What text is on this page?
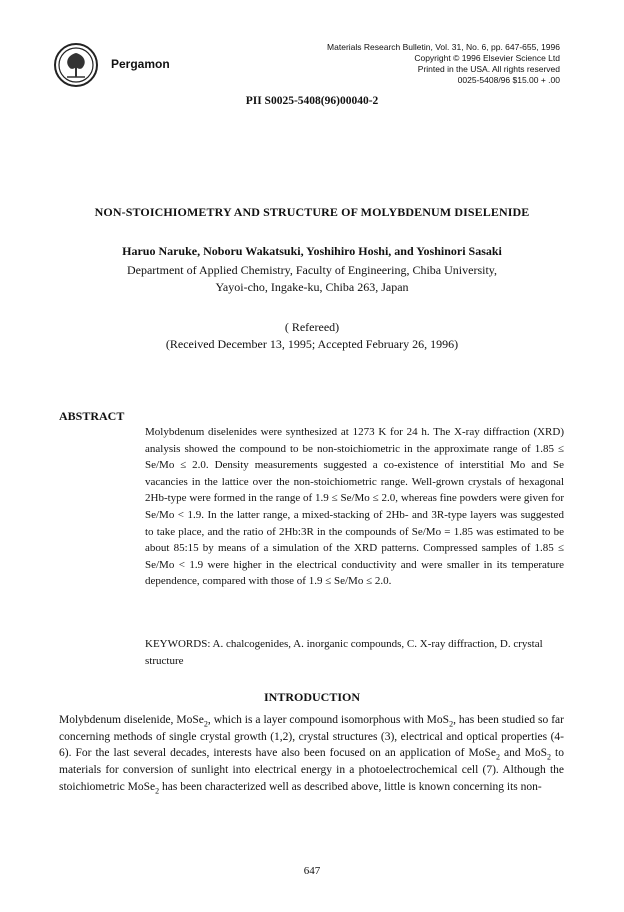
Pergamon
Materials Research Bulletin, Vol. 31, No. 6, pp. 647-655, 1996
Copyright © 1996 Elsevier Science Ltd
Printed in the USA. All rights reserved
0025-5408/96 $15.00 + .00
PII S0025-5408(96)00040-2
NON-STOICHIOMETRY AND STRUCTURE OF MOLYBDENUM DISELENIDE
Haruo Naruke, Noboru Wakatsuki, Yoshihiro Hoshi, and Yoshinori Sasaki
Department of Applied Chemistry, Faculty of Engineering, Chiba University,
Yayoi-cho, Ingake-ku, Chiba 263, Japan
( Refereed)
(Received December 13, 1995; Accepted February 26, 1996)
ABSTRACT
Molybdenum diselenides were synthesized at 1273 K for 24 h. The X-ray diffraction (XRD) analysis showed the compound to be non-stoichiometric in the approximate range of 1.85 ≤ Se/Mo ≤ 2.0. Density measurements suggested a co-existence of interstitial Mo and Se vacancies in the lattice over the non-stoichiometric range. Well-grown crystals of hexagonal 2Hb-type were formed in the range of 1.9 ≤ Se/Mo ≤ 2.0, whereas fine powders were given for Se/Mo < 1.9. In the latter range, a mixed-stacking of 2Hb- and 3R-type layers was suggested to take place, and the ratio of 2Hb:3R in the compounds of Se/Mo = 1.85 was estimated to be about 85:15 by means of a simulation of the XRD patterns. Compressed samples of 1.85 ≤ Se/Mo < 1.9 were higher in the electrical conductivity and were smaller in its temperature dependence, compared with those of 1.9 ≤ Se/Mo ≤ 2.0.
KEYWORDS: A. chalcogenides, A. inorganic compounds, C. X-ray diffraction, D. crystal structure
INTRODUCTION
Molybdenum diselenide, MoSe$_2$, which is a layer compound isomorphous with MoS$_2$, has been studied so far concerning methods of single crystal growth (1,2), crystal structures (3), electrical and optical properties (4-6). For the last several decades, interests have also been focused on an application of MoSe$_2$ and MoS$_2$ to materials for conversion of sunlight into electrical energy in a photoelectrochemical cell (7). Although the stoichiometric MoSe$_2$ has been characterized well as described above, little is known concerning its non-
647
